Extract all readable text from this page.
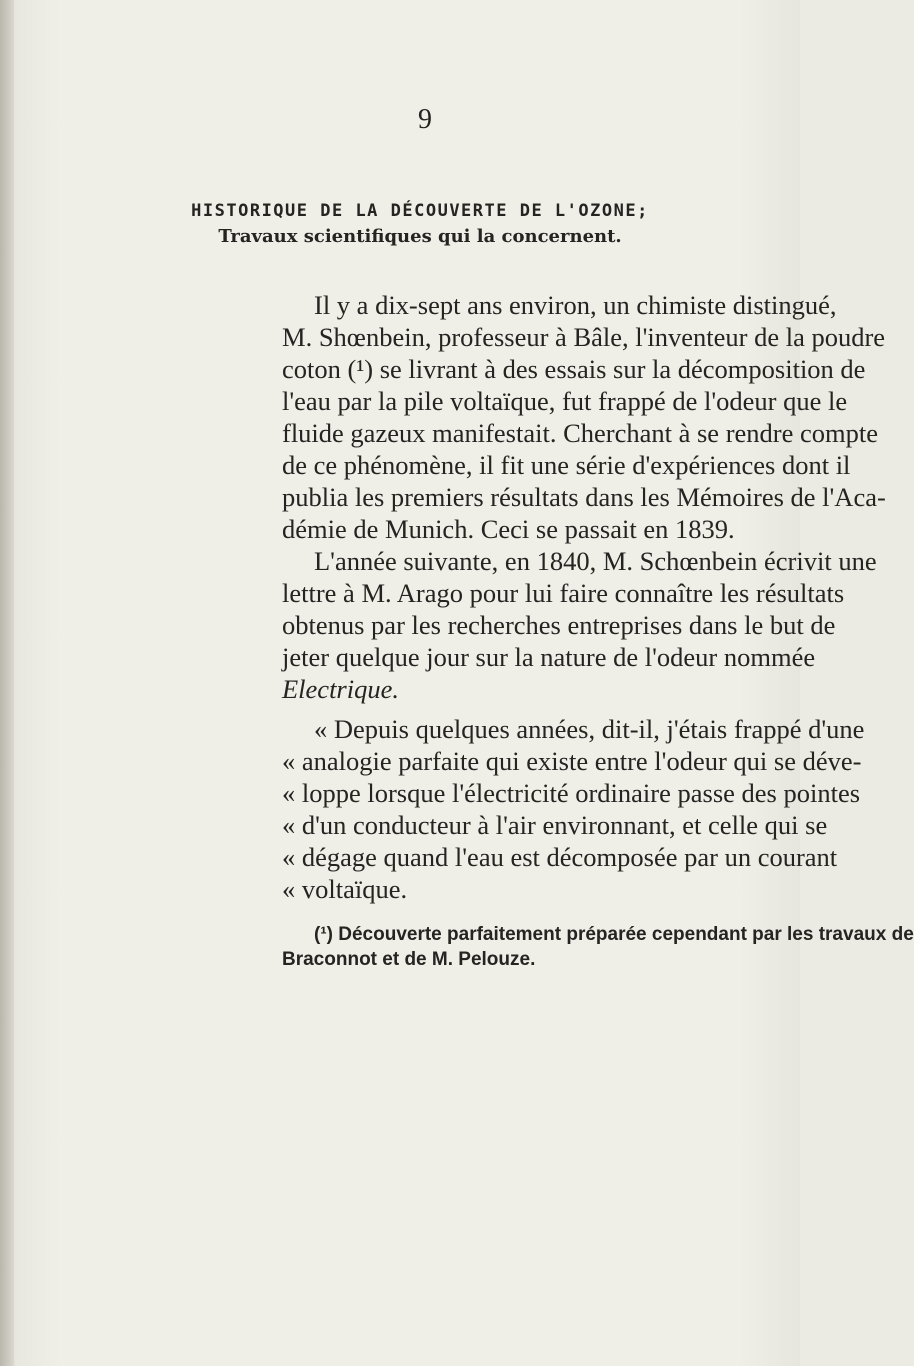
9
HISTORIQUE DE LA DÉCOUVERTE DE L'OZONE;
Travaux scientifiques qui la concernent.
Il y a dix-sept ans environ, un chimiste distingué,
M. Shœnbein, professeur à Bâle, l'inventeur de la poudre
coton (¹) se livrant à des essais sur la décomposition de
l'eau par la pile voltaïque, fut frappé de l'odeur que le
fluide gazeux manifestait. Cherchant à se rendre compte
de ce phénomène, il fit une série d'expériences dont il
publia les premiers résultats dans les Mémoires de l'Aca-
démie de Munich. Ceci se passait en 1839.
L'année suivante, en 1840, M. Schœnbein écrivit une
lettre à M. Arago pour lui faire connaître les résultats
obtenus par les recherches entreprises dans le but de
jeter quelque jour sur la nature de l'odeur nommée
Electrique.
« Depuis quelques années, dit-il, j'étais frappé d'une
« analogie parfaite qui existe entre l'odeur qui se déve-
« loppe lorsque l'électricité ordinaire passe des pointes
« d'un conducteur à l'air environnant, et celle qui se
« dégage quand l'eau est décomposée par un courant
« voltaïque.
(¹) Découverte parfaitement préparée cependant par les travaux de
Braconnot et de M. Pelouze.
